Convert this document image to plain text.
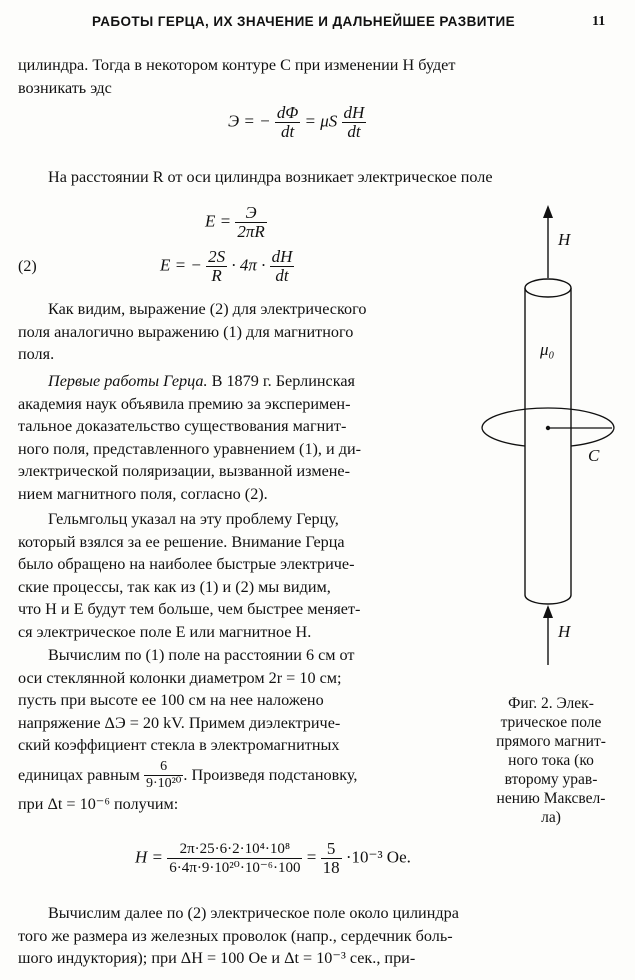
РАБОТЫ ГЕРЦА, ИХ ЗНАЧЕНИЕ И ДАЛЬНЕЙШЕЕ РАЗВИТИЕ	11
цилиндра. Тогда в некотором контуре C при изменении H будет
возникать эдс
Э = − $\frac{d\Phi}{dt} = \mu S \frac{dH}{dt}$
На расстоянии R от оси цилиндра возникает электрическое поле
$E = \frac{Э}{2\pi R}$
(2)	E = − $\frac{2S}{R} \cdot 4\pi \cdot \frac{dH}{dt}$
Как видим, выражение (2) для электрического
поля аналогично выражению (1) для магнитного
поля.
Первые работы Герца. В 1879 г. Берлинская
академия наук объявила премию за эксперимен-
тальное доказательство существования магнит-
ного поля, представленного уравнением (1), и ди-
электрической поляризации, вызванной измене-
нием магнитного поля, согласно (2).
Гельмгольц указал на эту проблему Герцу,
который взялся за ее решение. Внимание Герца
было обращено на наиболее быстрые электриче-
ские процессы, так как из (1) и (2) мы видим,
что H и E будут тем больше, чем быстрее меняет-
ся электрическое поле E или магнитное H.
Вычислим по (1) поле на расстоянии 6 см от
оси стеклянной колонки диаметром 2r = 10 см;
пусть при высоте ее 100 см на нее наложено
напряжение ΔЭ = 20 kV. Примем диэлектриче-
ский коэффициент стекла в электромагнитных
единицах равным $\frac{6}{\text{9·10²⁰}}$ . Произведя подстановку,
при Δt = 10⁻⁶ получим:
$H = \frac{\text{2π·25·6·2·10⁴·10⁸}}{\text{6·4π·9·10²⁰·10⁻⁶·100}} = \frac{5}{18} \cdot 10^{-3}$ Oe.
Вычислим далее по (2) электрическое поле около цилиндра
того же размера из железных проволок (напр., сердечник боль-
шого индуктория); при ΔH = 100 Oe и Δt = 10⁻³ сек., при-
H
μ₀
C
H
Фиг. 2. Элек-
трическое поле
прямого магнит-
ного тока (ко
второму урав-
нению Максвел-
ла)
